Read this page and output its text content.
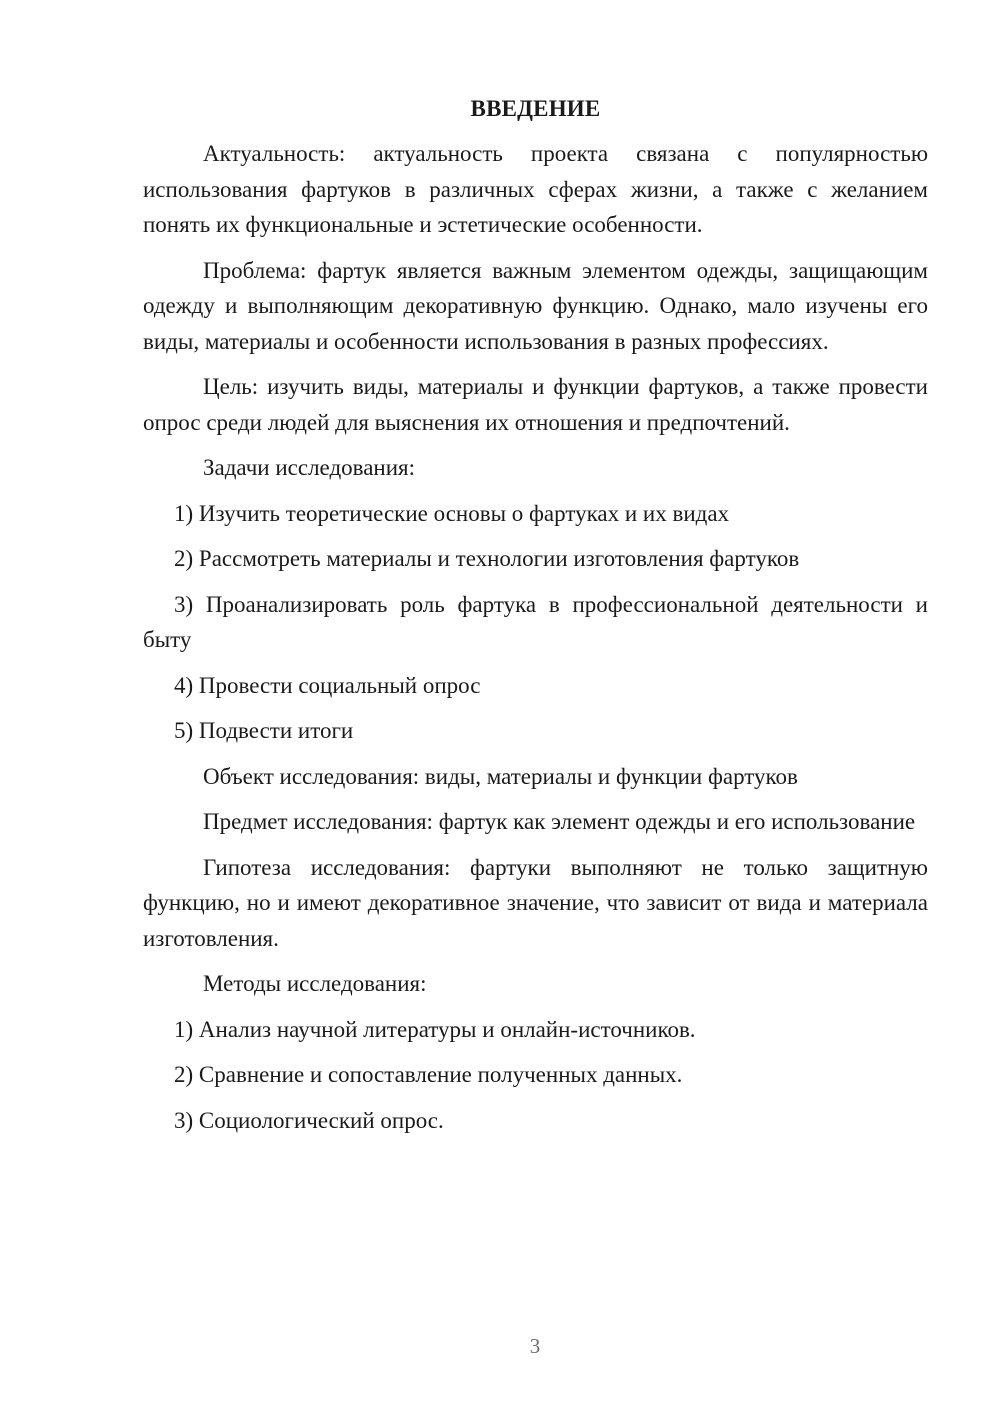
ВВЕДЕНИЕ

Актуальность: актуальность проекта связана с популярностью использования фартуков в различных сферах жизни, а также с желанием понять их функциональные и эстетические особенности.

Проблема: фартук является важным элементом одежды, защищающим одежду и выполняющим декоративную функцию. Однако, мало изучены его виды, материалы и особенности использования в разных профессиях.

Цель: изучить виды, материалы и функции фартуков, а также провести опрос среди людей для выяснения их отношения и предпочтений.

Задачи исследования:

1) Изучить теоретические основы о фартуках и их видах

2) Рассмотреть материалы и технологии изготовления фартуков

3) Проанализировать роль фартука в профессиональной деятельности и быту

4) Провести социальный опрос

5) Подвести итоги

Объект исследования: виды, материалы и функции фартуков

Предмет исследования: фартук как элемент одежды и его использование

Гипотеза исследования: фартуки выполняют не только защитную функцию, но и имеют декоративное значение, что зависит от вида и материала изготовления.

Методы исследования:

1) Анализ научной литературы и онлайн-источников.

2) Сравнение и сопоставление полученных данных.

3) Социологический опрос.

3
